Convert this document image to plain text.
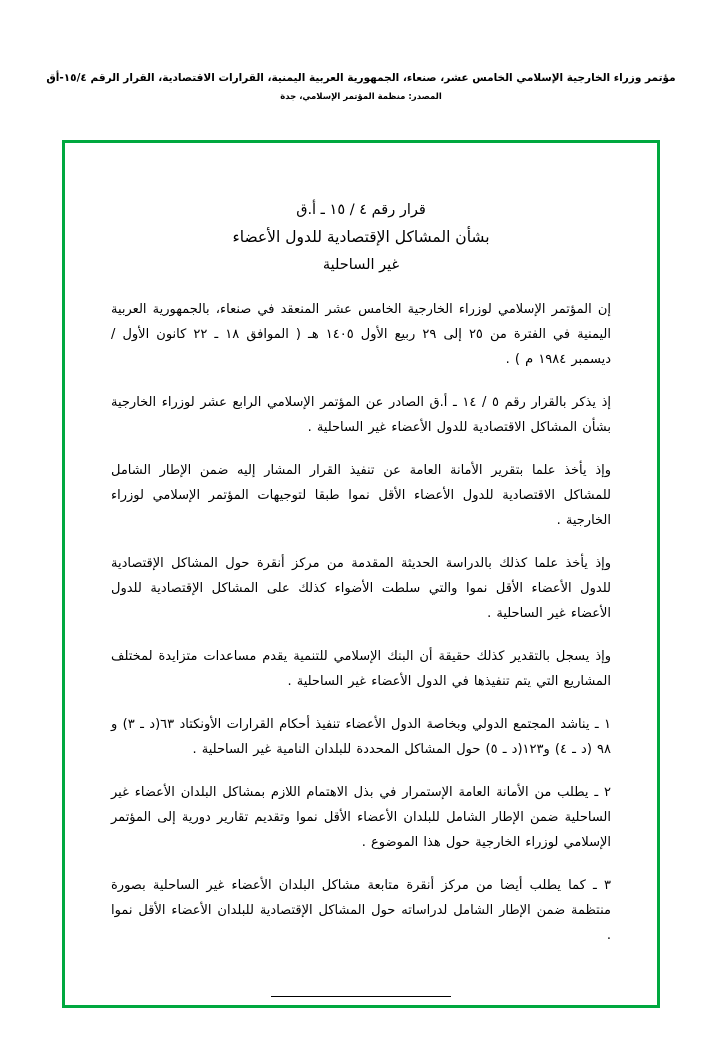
مؤتمر وزراء الخارجية الإسلامي الخامس عشر، صنعاء، الجمهورية العربية اليمنية، القرارات الاقتصادية، القرار الرقم ١٥/٤-أق
المصدر: منظمة المؤتمر الإسلامي، جدة
قرار رقم ٤ / ١٥ ـ أ.ق
بشأن المشاكل الإقتصادية للدول الأعضاء
غير الساحلية

إن المؤتمر الإسلامي لوزراء الخارجية الخامس عشر المنعقد في صنعاء، بالجمهورية العربية اليمنية في الفترة من ٢٥ إلى ٢٩ ربيع الأول ١٤٠٥ هـ ( الموافق ١٨ ـ ٢٢ كانون الأول / ديسمبر ١٩٨٤ م ) .

إذ يذكر بالقرار رقم ٥ / ١٤ ـ أ.ق الصادر عن المؤتمر الإسلامي الرابع عشر لوزراء الخارجية بشأن المشاكل الاقتصادية للدول الأعضاء غير الساحلية .

وإذ يأخذ علما بتقرير الأمانة العامة عن تنفيذ القرار المشار إليه ضمن الإطار الشامل للمشاكل الاقتصادية للدول الأعضاء الأقل نموا طبقا لتوجيهات المؤتمر الإسلامي لوزراء الخارجية .

وإذ يأخذ علما كذلك بالدراسة الحديثة المقدمة من مركز أنقرة حول المشاكل الإقتصادية للدول الأعضاء الأقل نموا والتي سلطت الأضواء كذلك على المشاكل الإقتصادية للدول الأعضاء غير الساحلية .

وإذ يسجل بالتقدير كذلك حقيقة أن البنك الإسلامي للتنمية يقدم مساعدات متزايدة لمختلف المشاريع التي يتم تنفيذها في الدول الأعضاء غير الساحلية .

١ ـ يناشد المجتمع الدولي وبخاصة الدول الأعضاء تنفيذ أحكام القرارات الأونكتاد ٦٣(د ـ ٣) و ٩٨ (د ـ ٤) و١٢٣(د ـ ٥) حول المشاكل المحددة للبلدان النامية غير الساحلية .

٢ ـ يطلب من الأمانة العامة الإستمرار في بذل الاهتمام اللازم بمشاكل البلدان الأعضاء غير الساحلية ضمن الإطار الشامل للبلدان الأعضاء الأقل نموا وتقديم تقارير دورية إلى المؤتمر الإسلامي لوزراء الخارجية حول هذا الموضوع .

٣ ـ كما يطلب أيضا من مركز أنقرة متابعة مشاكل البلدان الأعضاء غير الساحلية بصورة منتظمة ضمن الإطار الشامل لدراساته حول المشاكل الإقتصادية للبلدان الأعضاء الأقل نموا .
